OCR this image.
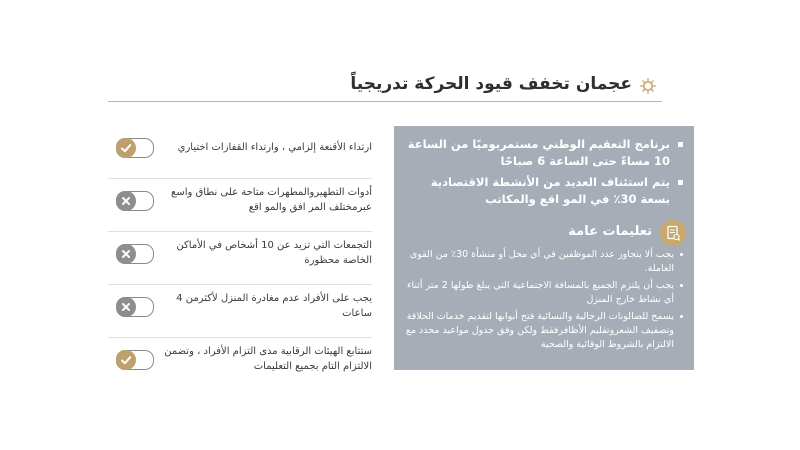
عجمان تخفف قيود الحركة تدريجياً
برنامج التعقيم الوطني مستمربوميًا من الساعة 10 مساءً حتى الساعة 6 صباحًا
يتم استئناف العديد من الأنشطة الاقتصادية بسعة 30٪ في المو اقع والمكاتب
تعليمات عامة
يجب ألا يتجاوز عدد الموظفين في أي محل أو منشأة 30٪ من القوى العاملة.
يجب أن يلتزم الجميع بالمسافة الاجتماعية التي يبلغ طولها 2 متر أثناء أي نشاط خارج المنزل
يسمح للصالونات الرجالية والنسائية فتح أبوابها لتقديم خدمات الحلاقة وتصفيف الشعروتقليم الأظافرفقط ولكن وفق جدول مواعيد محدد مع الالتزام بالشروط الوقائية والصحية
ارتداء الأقنعة إلزامي ، وارتداء القفازات اختياري
أدوات التطهيروالمطهرات متاحة على نطاق واسع عبرمختلف المر افق والمو اقع
التجمعات التي تزيد عن 10 أشخاص في الأماكن الخاصة محظورة
يجب على الأفراد عدم مغادرة المنزل لأكثرمن 4 ساعات
ستتابع الهيئات الرقابية مدى التزام الأفراد ، وتضمن الالتزام التام بجميع التعليمات
